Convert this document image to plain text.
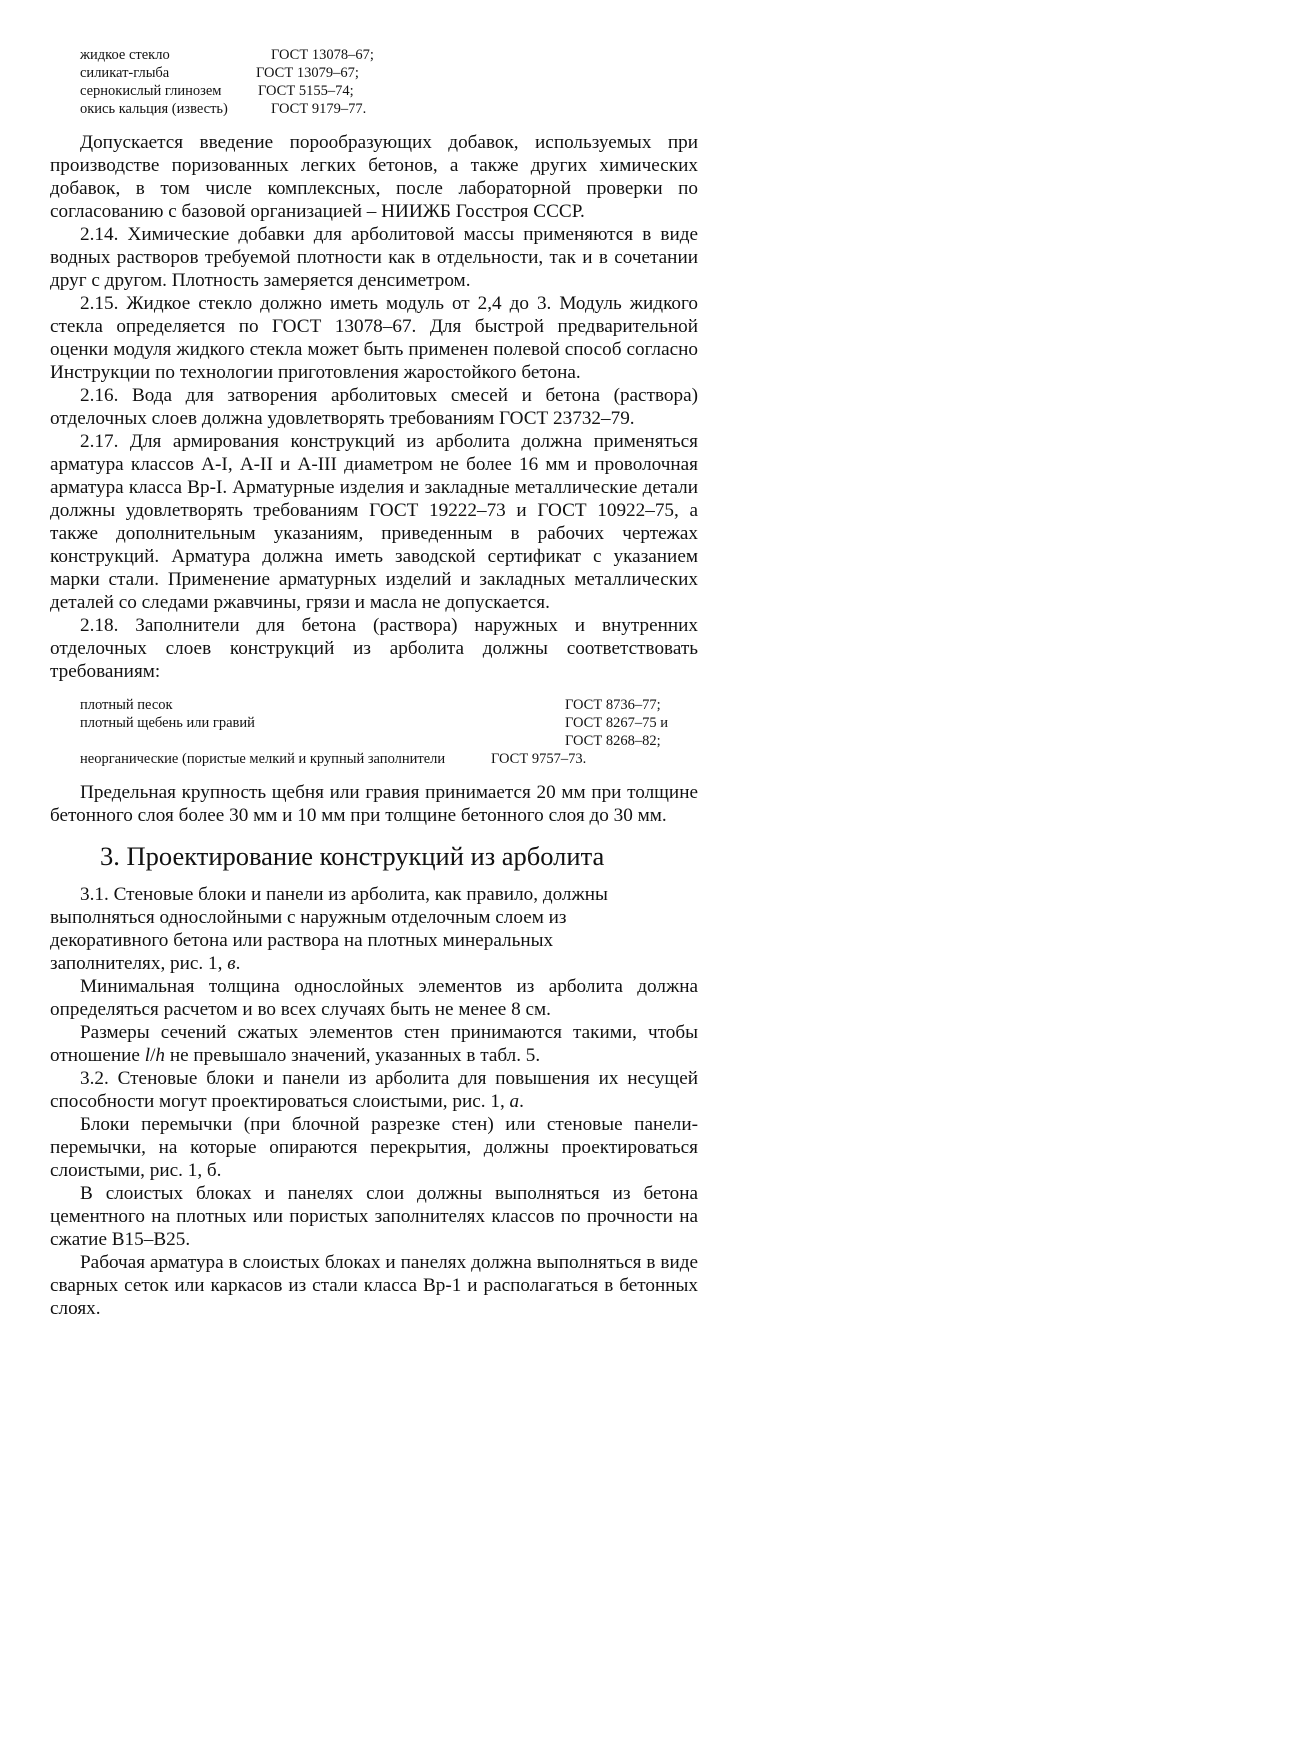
жидкое стекло	ГОСТ 13078–67;
силикат-глыба	ГОСТ 13079–67;
сернокислый глинозем	ГОСТ 5155–74;
окись кальция (известь)	ГОСТ 9179–77.

Допускается введение порообразующих добавок, используемых при производстве поризованных легких бетонов, а также других химических добавок, в том числе комплексных, после лабораторной проверки по согласованию с базовой организацией – НИИЖБ Госстроя СССР.

2.14. Химические добавки для арболитовой массы применяются в виде водных растворов требуемой плотности как в отдельности, так и в сочетании друг с другом. Плотность замеряется денсиметром.

2.15. Жидкое стекло должно иметь модуль от 2,4 до 3. Модуль жидкого стекла определяется по ГОСТ 13078–67. Для быстрой предварительной оценки модуля жидкого стекла может быть применен полевой способ согласно Инструкции по технологии приготовления жаростойкого бетона.

2.16. Вода для затворения арболитовых смесей и бетона (раствора) отделочных слоев должна удовлетворять требованиям ГОСТ 23732–79.

2.17. Для армирования конструкций из арболита должна применяться арматура классов А-I, А-II и А-III диаметром не более 16 мм и проволочная арматура класса Вр-I. Арматурные изделия и закладные металлические детали должны удовлетворять требованиям ГОСТ 19222–73 и ГОСТ 10922–75, а также дополнительным указаниям, приведенным в рабочих чертежах конструкций. Арматура должна иметь заводской сертификат с указанием марки стали. Применение арматурных изделий и закладных металлических деталей со следами ржавчины, грязи и масла не допускается.

2.18. Заполнители для бетона (раствора) наружных и внутренних отделочных слоев конструкций из арболита должны соответствовать требованиям:

плотный песок	ГОСТ 8736–77;
плотный щебень или гравий	ГОСТ 8267–75 и
ГОСТ 8268–82;
неорганические (пористые мелкий и крупный заполнители	ГОСТ 9757–73.

Предельная крупность щебня или гравия принимается 20 мм при толщине бетонного слоя более 30 мм и 10 мм при толщине бетонного слоя до 30 мм.

3. Проектирование конструкций из арболита

3.1. Стеновые блоки и панели из арболита, как правило, должны выполняться однослойными с наружным отделочным слоем из декоративного бетона или раствора на плотных минеральных заполнителях, рис. 1, в.

Минимальная толщина однослойных элементов из арболита должна определяться расчетом и во всех случаях быть не менее 8 см.

Размеры сечений сжатых элементов стен принимаются такими, чтобы отношение l/h не превышало значений, указанных в табл. 5.

3.2. Стеновые блоки и панели из арболита для повышения их несущей способности могут проектироваться слоистыми, рис. 1, а.

Блоки перемычки (при блочной разрезке стен) или стеновые панели-перемычки, на которые опираются перекрытия, должны проектироваться слоистыми, рис. 1, б.

В слоистых блоках и панелях слои должны выполняться из бетона цементного на плотных или пористых заполнителях классов по прочности на сжатие В15–В25.

Рабочая арматура в слоистых блоках и панелях должна выполняться в виде сварных сеток или каркасов из стали класса Вр-1 и располагаться в бетонных слоях.
